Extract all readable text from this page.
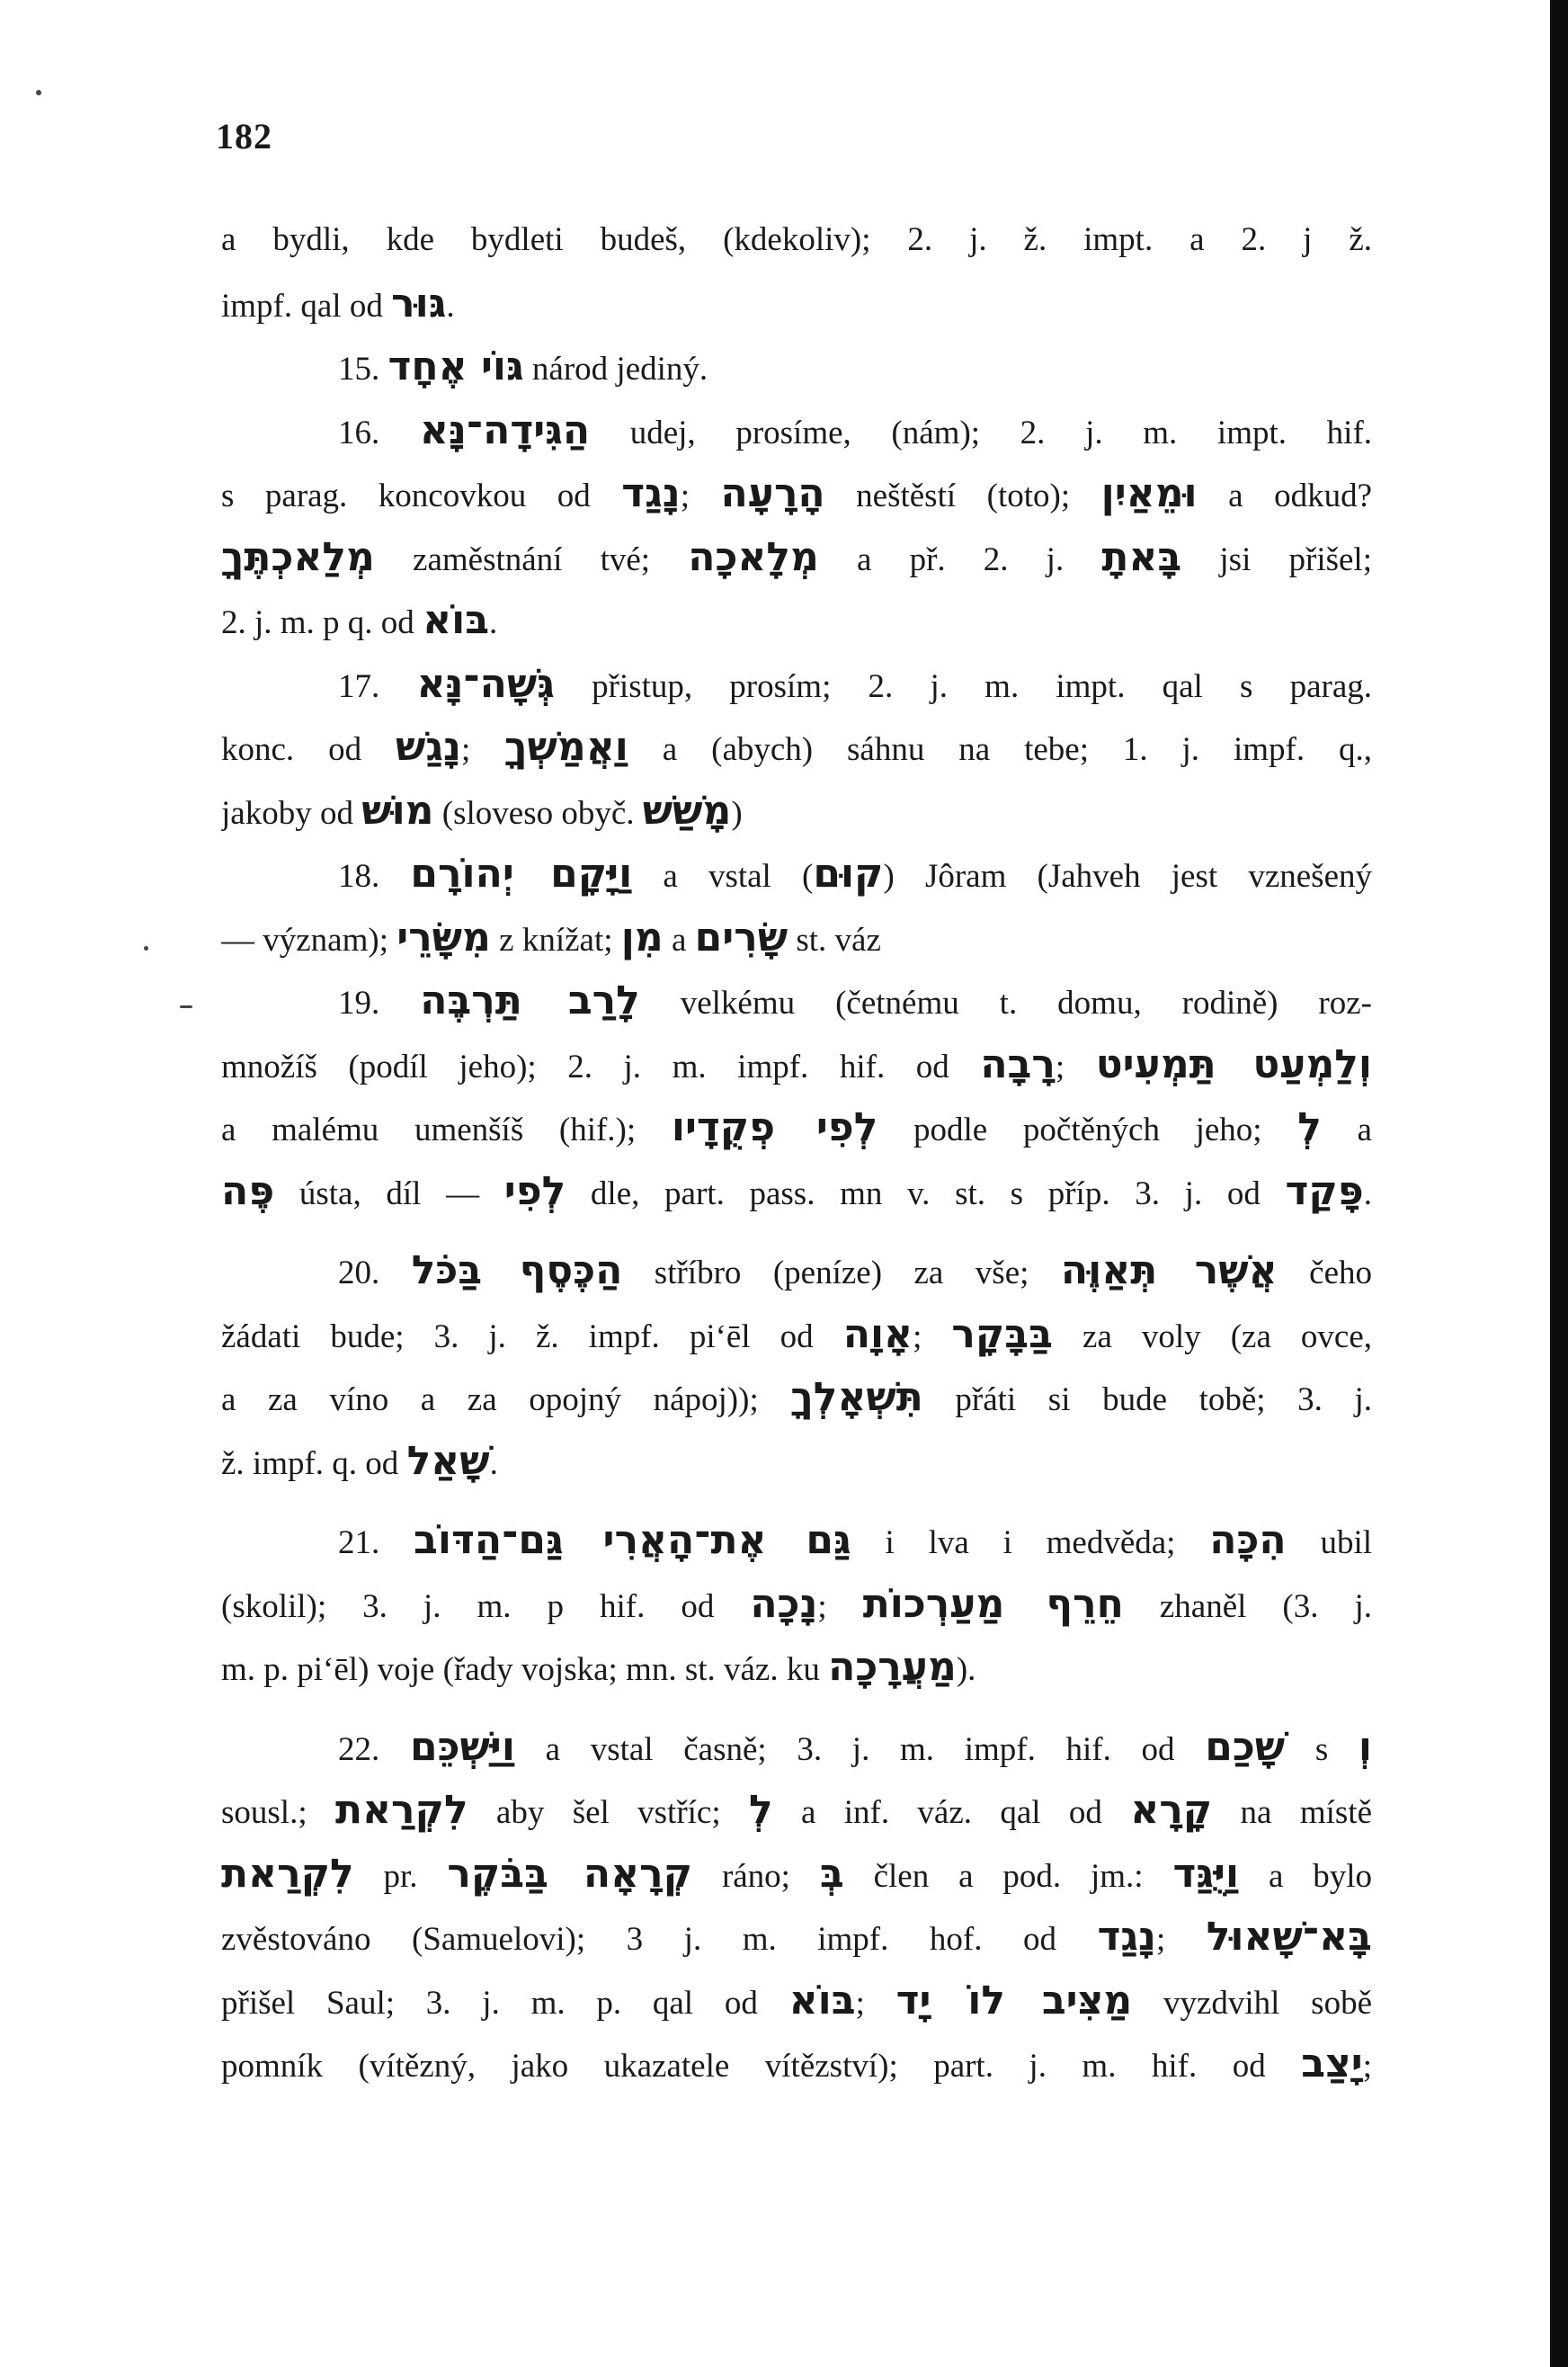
182
a bydli, kde bydleti budeš, (kdekoliv); 2. j. ž. impt. a 2. j ž.
impf. qal od גּוּר.
15. גּוֹי אֶחָד národ jediný.
16. הַגִּידָה־נָּא udej, prosíme, (nám); 2. j. m. impt. hif.
s parag. koncovkou od נָגַד; הָרָעָה neštěstí (toto); וּמֵאַיִן a odkud?
מְלַאכְתֶּךָ zaměstnání tvé; מְלָאכָה a př. 2. j. בָּאתָ jsi přišel;
2. j. m. p q. od בּוֹא.
17. גְּשָׁה־נָּא přistup, prosím; 2. j. m. impt. qal s parag.
konc. od נָגַשׁ; וַאֲמַשְׁךָ a (abych) sáhnu na tebe; 1. j. impf. q.,
jakoby od מוּשׁ (sloveso obyč. מָשַׁשׁ)
18. וַיָּקָם יְהוֹרָם a vstal (קוּם) Jôram (Jahveh jest vznešený
— význam); מִשָּׂרֵי z knížat; מִן a שָׂרִים st. váz
19. לָרַב תַּרְבֶּה velkému (četnému t. domu, rodině) roz-
množíš (podíl jeho); 2. j. m. impf. hif. od רָבָה; וְלַמְעַט תַּמְעִיט
a malému umenšíš (hif.); לְפִי פְקֻדָיו podle počtěných jeho; לְ a
פֶּה ústa, díl — לְפִי dle, part. pass. mn v. st. s příp. 3. j. od פָּקַד.
20. הַכֶּסֶף בַּכֹּל stříbro (peníze) za vše; אֲשֶׁר תְּאַוֶּה čeho
žádati bude; 3. j. ž. impf. pi‘ēl od אָוָה; בַּבָּקָר za voly (za ovce,
a za víno a za opojný nápoj)); תִּשְׁאָלְךָ přáti si bude tobě; 3. j.
ž. impf. q. od שָׁאַל.
21. גַּם אֶת־הָאֲרִי גַּם־הַדּוֹב i lva i medvěda; הִכָּה ubil
(skolil); 3. j. m. p hif. od נָכָה; חֵרֵף מַעַרְכוֹת zhaněl (3. j.
m. p. pi‘ēl) voje (řady vojska; mn. st. váz. ku מַעֲרָכָה).
22. וַיַּשְׁכֵּם a vstal časně; 3. j. m. impf. hif. od שָׁכַם s וְ
sousl.; לִקְרַאת aby šel vstříc; לְ a inf. váz. qal od קָרָא na místě
לִקְרַאת pr. קְרָאָה בַּבֹּקֶר ráno; בְּ člen a pod. jm.: וַיֻּגַּד a bylo
zvěstováno (Samuelovi); 3 j. m. impf. hof. od נָגַד; בָּא־שָׁאוּל
přišel Saul; 3. j. m. p. qal od בּוֹא; מַצִּיב לוֹ יָד vyzdvihl sobě
pomník (vítězný, jako ukazatele vítězství); part. j. m. hif. od יָצַב;
